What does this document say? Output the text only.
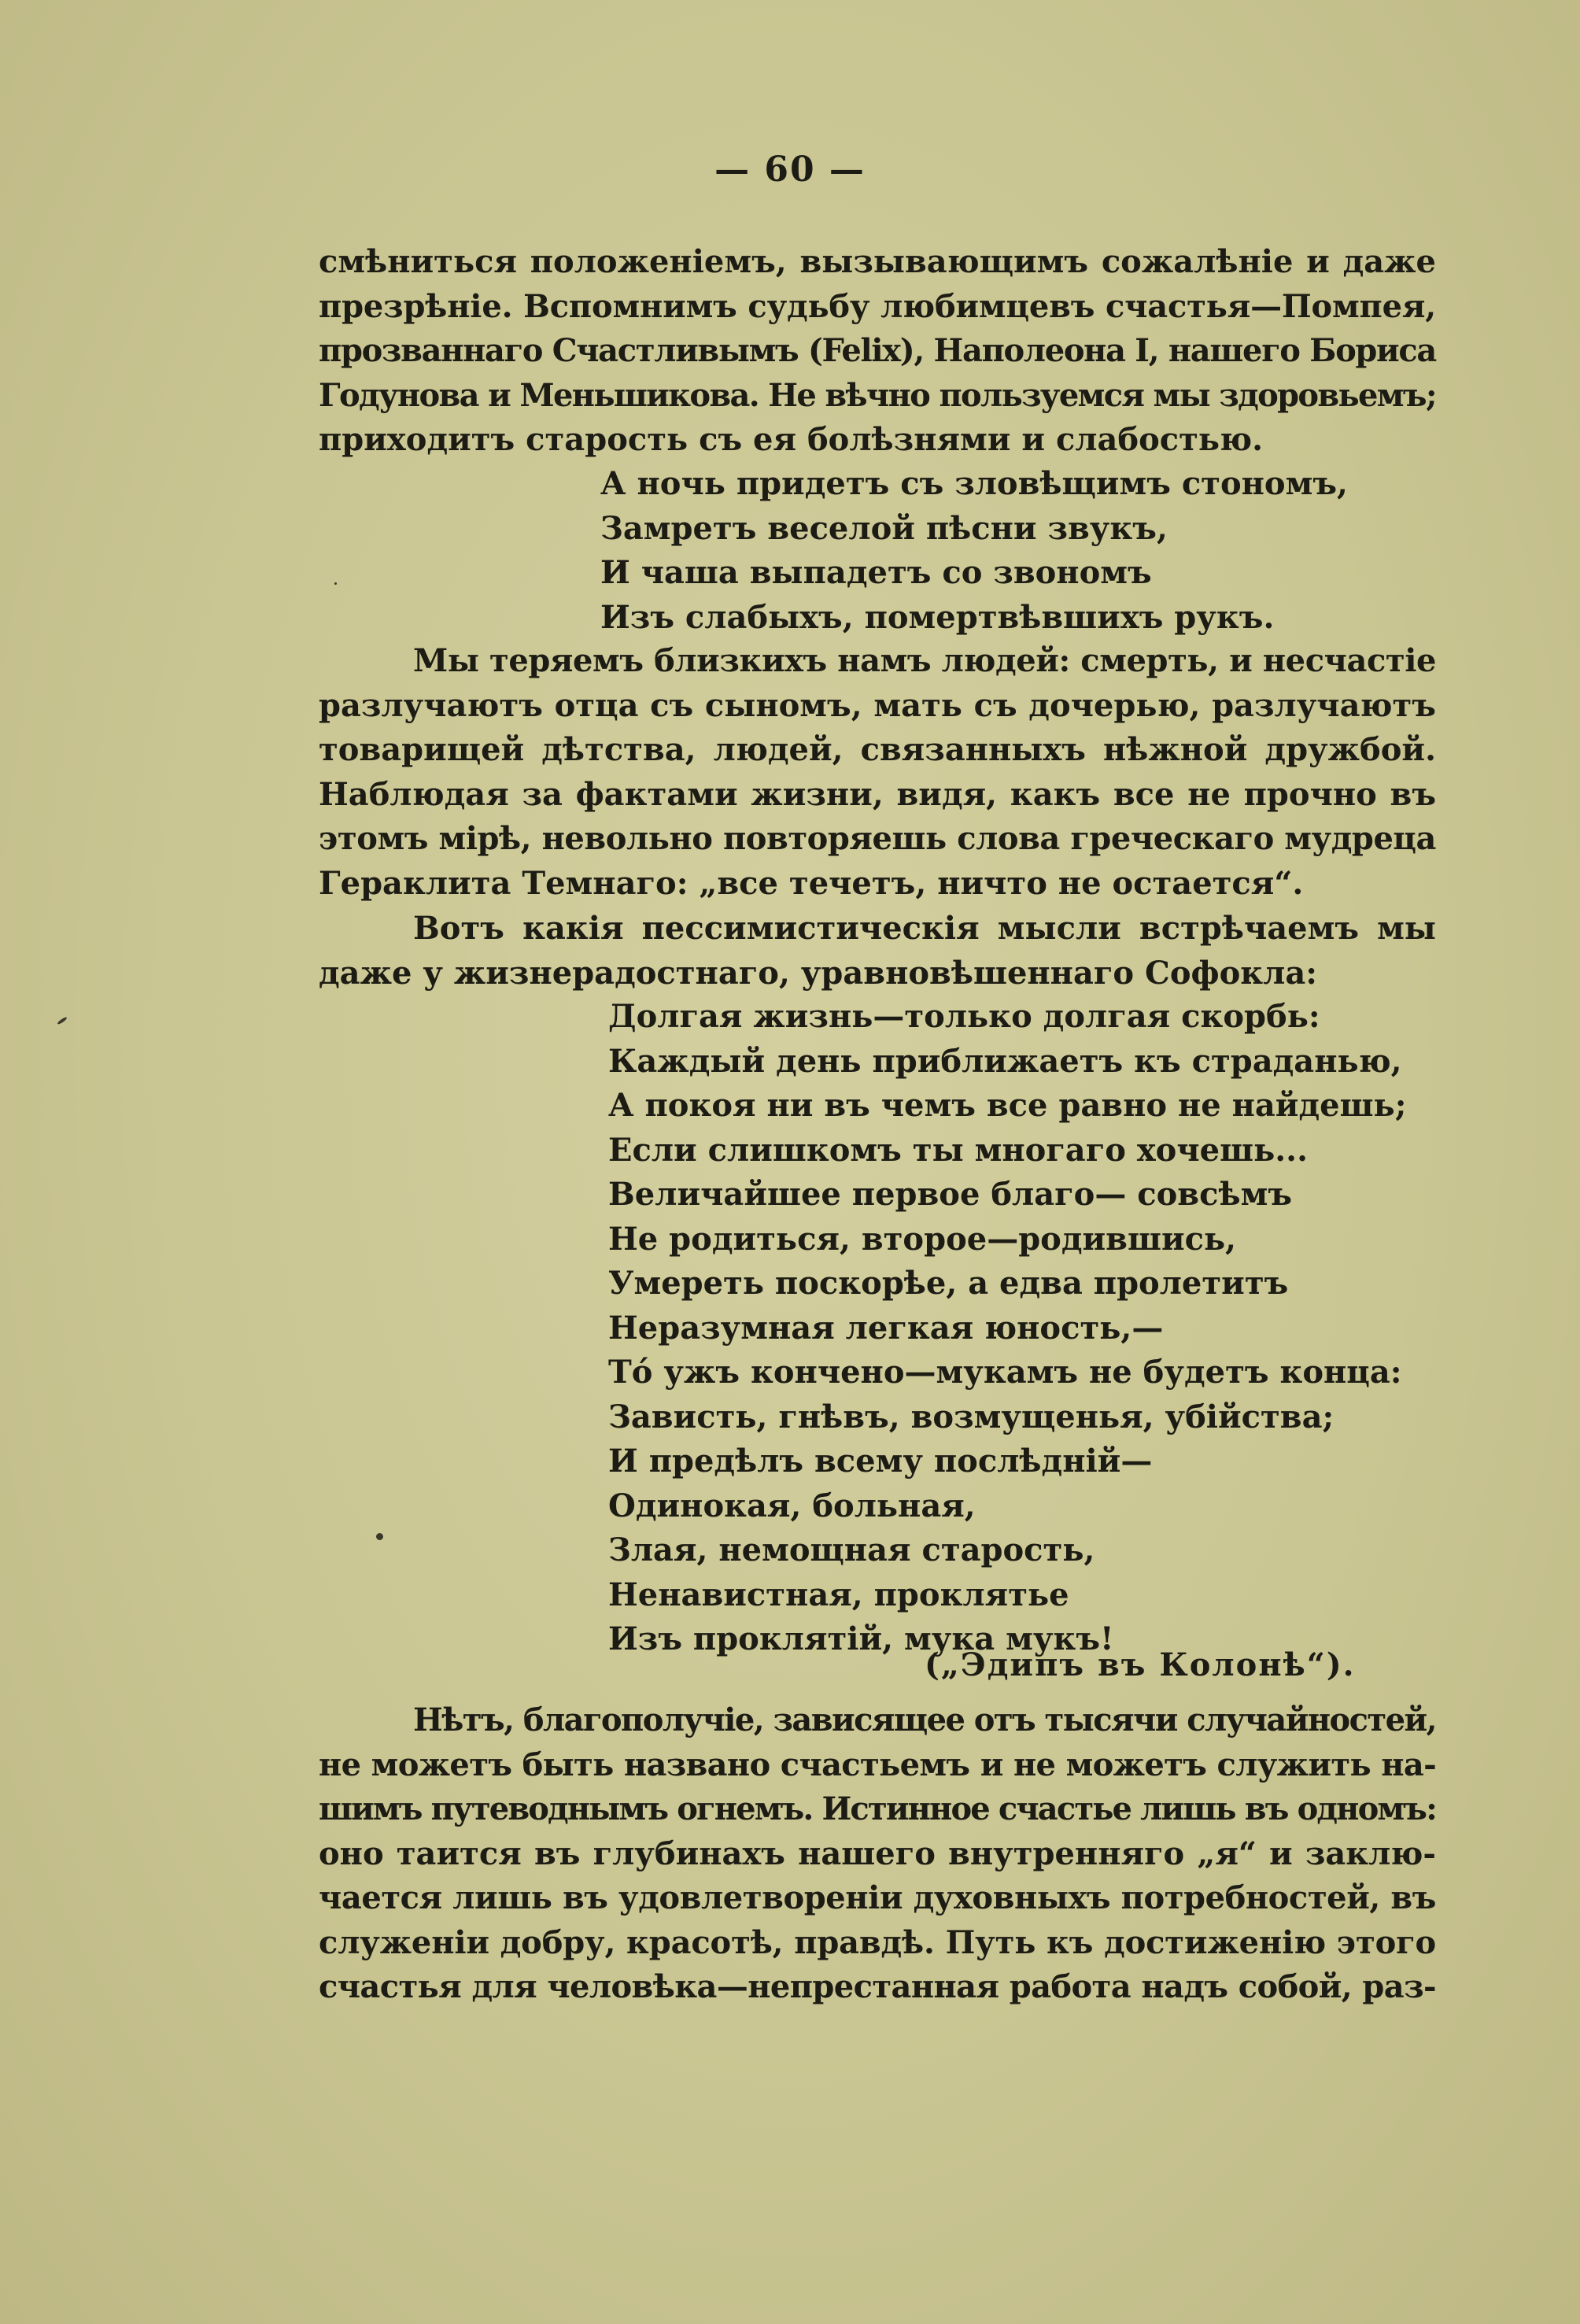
— 60 —
смѣниться положеніемъ, вызывающимъ сожалѣніе и даже
презрѣніе. Вспомнимъ судьбу любимцевъ счастья—Помпея,
прозваннаго Счастливымъ (Felix), Наполеона I, нашего Бориса
Годунова и Меньшикова. Не вѣчно пользуемся мы здоровьемъ;
приходитъ старость съ ея болѣзнями и слабостью.
А ночь придетъ съ зловѣщимъ стономъ,
Замретъ веселой пѣсни звукъ,
И чаша выпадетъ со звономъ
Изъ слабыхъ, помертвѣвшихъ рукъ.
Мы теряемъ близкихъ намъ людей: смерть, и несчастіе
разлучаютъ отца съ сыномъ, мать съ дочерью, разлучаютъ
товарищей дѣтства, людей, связанныхъ нѣжной дружбой.
Наблюдая за фактами жизни, видя, какъ все не прочно въ
этомъ мірѣ, невольно повторяешь слова греческаго мудреца
Гераклита Темнаго: „все течетъ, ничто не остается“.
Вотъ какія пессимистическія мысли встрѣчаемъ мы
даже у жизнерадостнаго, уравновѣшеннаго Софокла:
Долгая жизнь—только долгая скорбь:
Каждый день приближаетъ къ страданью,
А покоя ни въ чемъ все равно не найдешь;
Если слишкомъ ты многаго хочешь...
Величайшее первое благо— совсѣмъ
Не родиться, второе—родившись,
Умереть поскорѣе, а едва пролетитъ
Неразумная легкая юность,—
То́ ужъ кончено—мукамъ не будетъ конца:
Зависть, гнѣвъ, возмущенья, убійства;
И предѣлъ всему послѣдній—
Одинокая, больная,
Злая, немощная старость,
Ненавистная, проклятье
Изъ проклятій, мука мукъ!
(„Эдипъ въ Колонѣ“).
Нѣтъ, благополучіе, зависящее отъ тысячи случайностей,
не можетъ быть названо счастьемъ и не можетъ служить на-
шимъ путеводнымъ огнемъ. Истинное счастье лишь въ одномъ:
оно таится въ глубинахъ нашего внутренняго „я“ и заклю-
чается лишь въ удовлетвореніи духовныхъ потребностей, въ
служеніи добру, красотѣ, правдѣ. Путь къ достиженію этого
счастья для человѣка—непрестанная работа надъ собой, раз-
